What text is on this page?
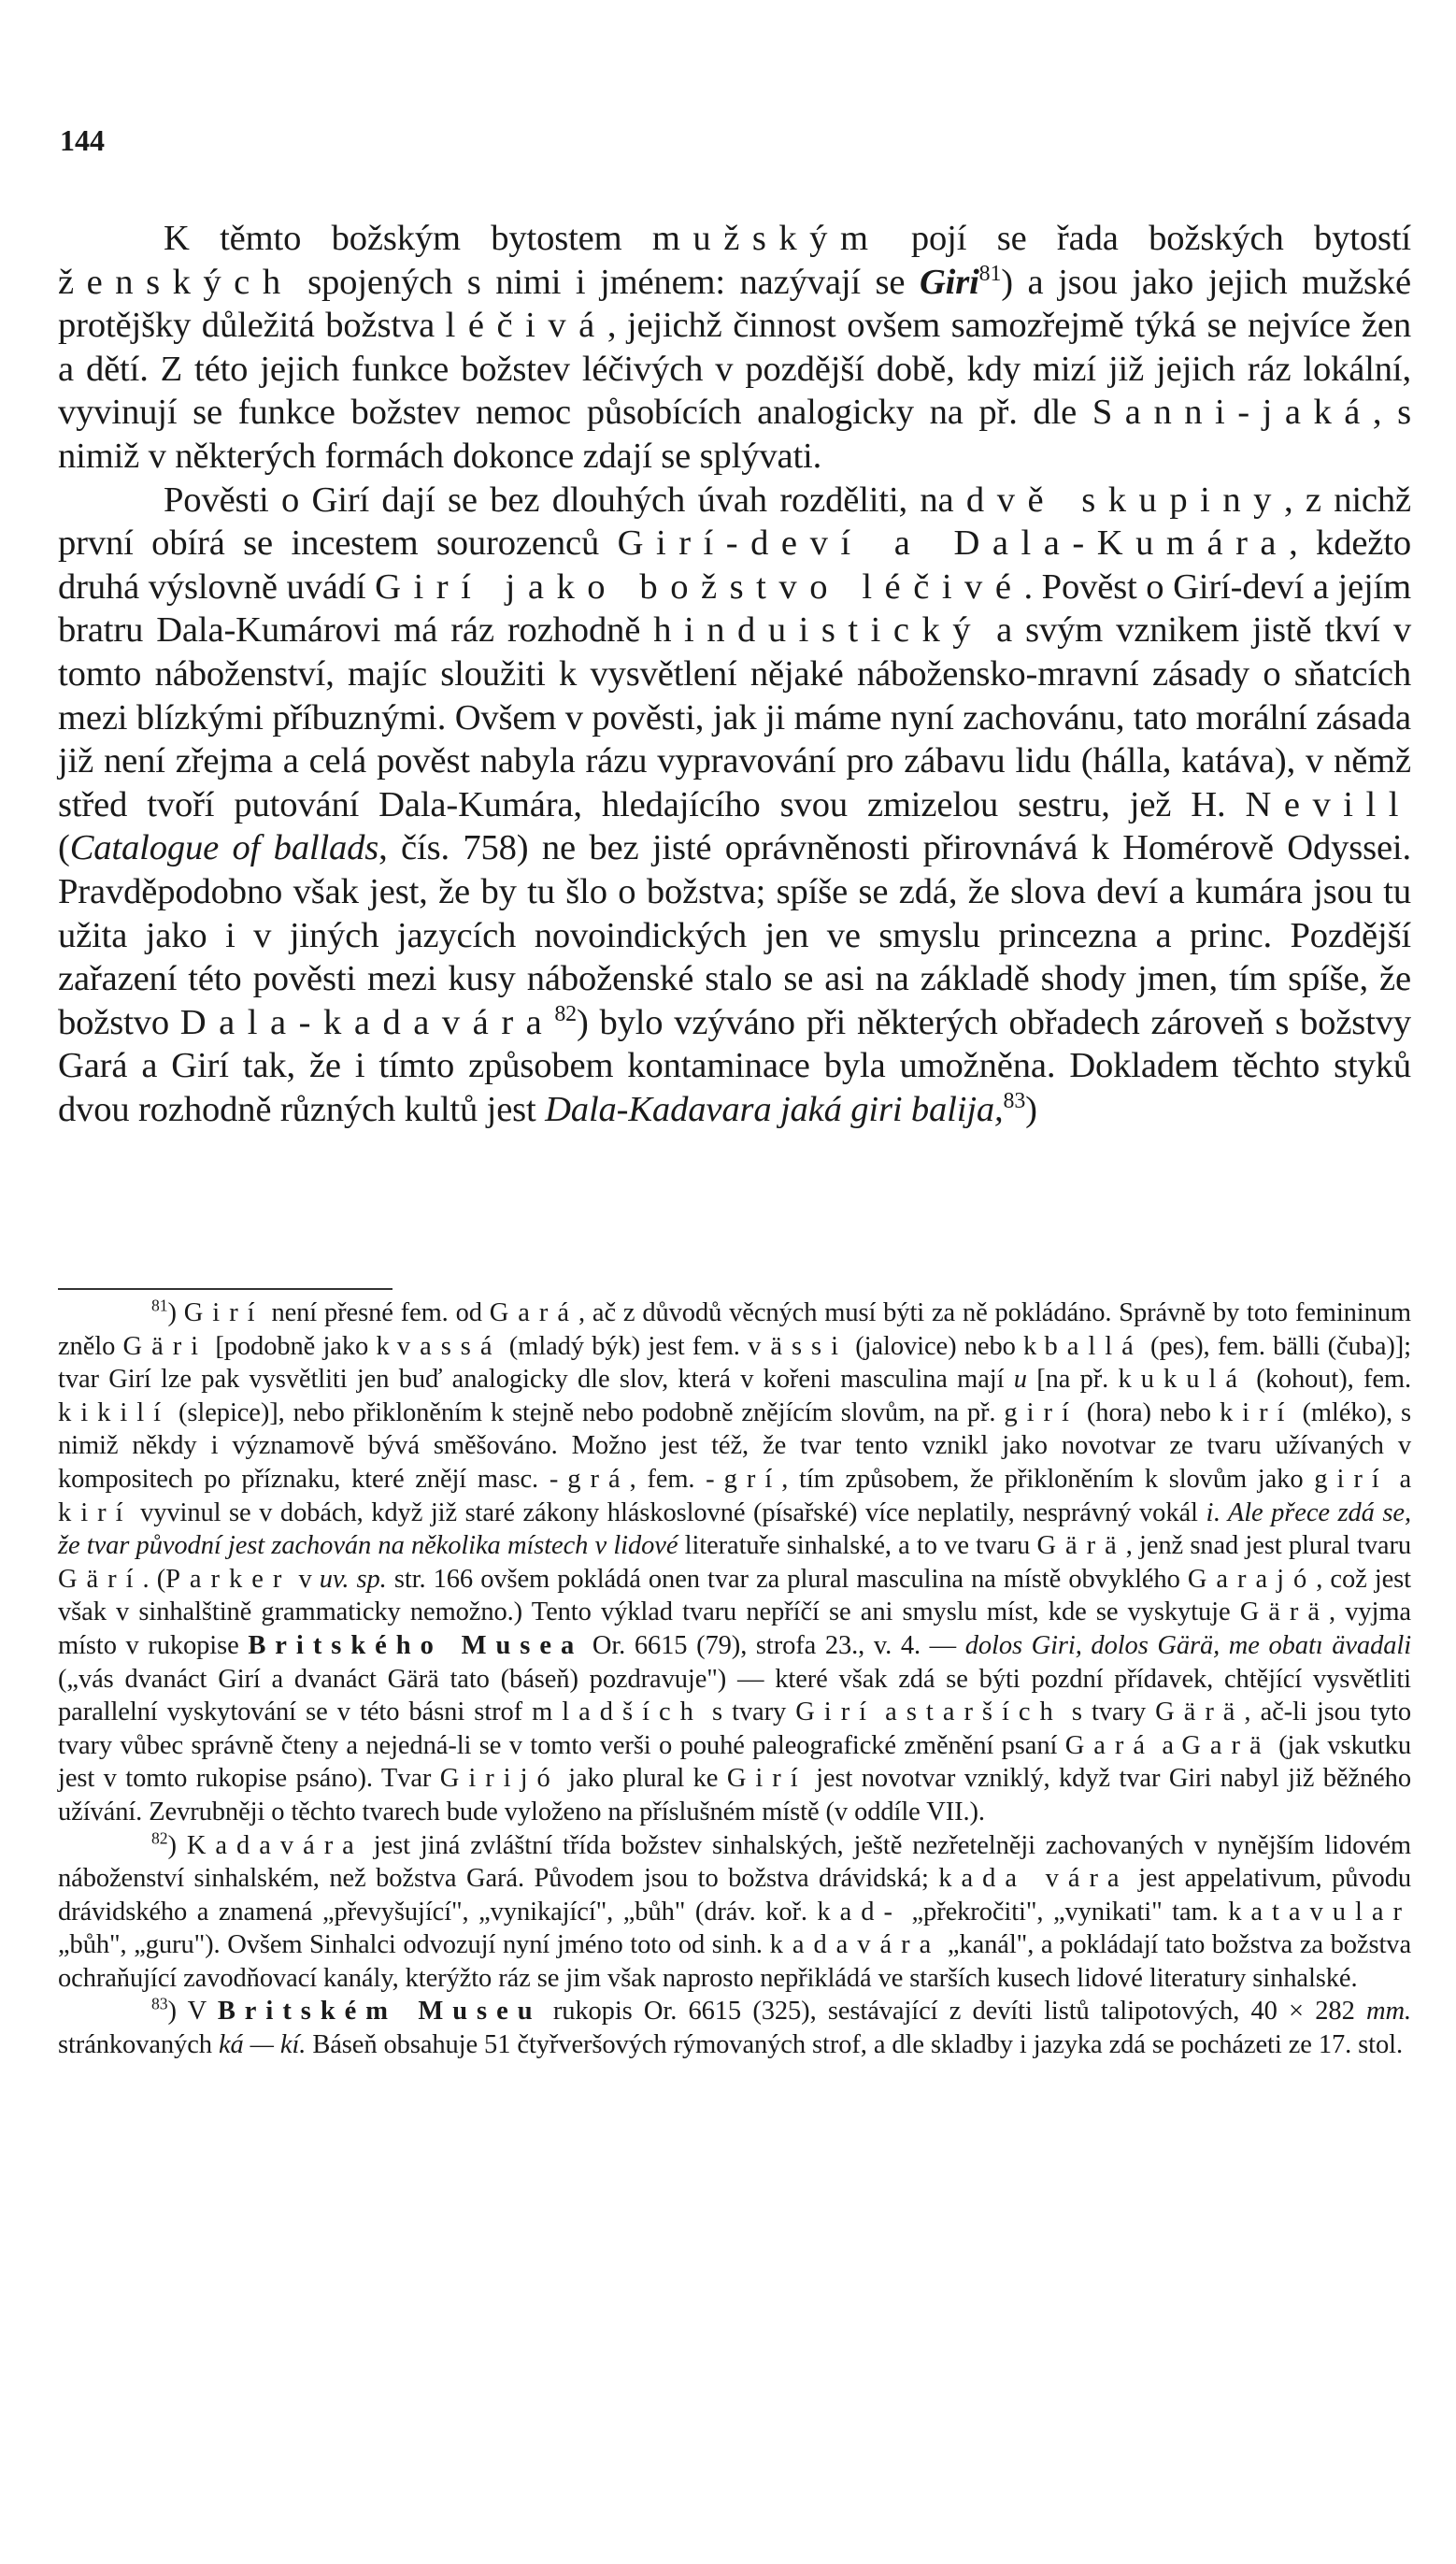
144

K těmto božským bytostem mužským pojí se řada božských bytostí ženských spojených s nimi i jménem: nazývají se Giri$^{81}$) a jsou jako jejich mužské protějšky důležitá božstva léčivá, jejichž činnost ovšem samozřejmě týká se nejvíce žen a dětí. Z této jejich funkce božstev léčivých v pozdější době, kdy mizí již jejich ráz lokální, vyvinují se funkce božstev nemoc působících analogicky na př. dle Sanni-jaká, s nimiž v některých formách dokonce zdají se splývati.

Pověsti o Girí dají se bez dlouhých úvah rozděliti, na dvě skupiny, z nichž první obírá se incestem sourozenců Girí-deví a Dala-Kumára, kdežto druhá výslovně uvádí Girí jako božstvo léčivé. Pověst o Girí-deví a jejím bratru Dala-Kumárovi má ráz rozhodně hinduistický a svým vznikem jistě tkví v tomto náboženství, majíc sloužiti k vysvětlení nějaké nábožensko-mravní zásady o sňatcích mezi blízkými příbuznými. Ovšem v pověsti, jak ji máme nyní zachovánu, tato morální zásada již není zřejma a celá pověst nabyla rázu vypravování pro zábavu lidu (hálla, katáva), v němž střed tvoří putování Dala-Kumára, hledajícího svou zmizelou sestru, jež H. Nevill (Catalogue of ballads, čís. 758) ne bez jisté oprávněnosti přirovnává k Homérově Odyssei. Pravděpodobno však jest, že by tu šlo o božstva; spíše se zdá, že slova deví a kumára jsou tu užita jako i v jiných jazycích novoindických jen ve smyslu princezna a princ. Pozdější zařazení této pověsti mezi kusy náboženské stalo se asi na základě shody jmen, tím spíše, že božstvo Dala-kadavára$^{82}$) bylo vzýváno při některých obřadech zároveň s božstvy Gará a Girí tak, že i tímto způsobem kontaminace byla umožněna. Dokladem těchto styků dvou rozhodně různých kultů jest Dala-Kadavara jaká giri balija,$^{83}$)

$^{81}$) Girí není přesné fem. od Gará, ač z důvodů věcných musí býti za ně pokládáno. Správně by toto femininum znělo Gäri [podobně jako k vassá (mladý býk) jest fem. vässi (jalovice) nebo k ballá (pes), fem. bälli (čuba)]; tvar Girí lze pak vysvětliti jen buď analogicky dle slov, která v kořeni masculina mají u [na př. kukulá (kohout), fem. kikilí (slepice)], nebo přikloněním k stejně nebo podobně znějícím slovům, na př. girí (hora) nebo kirí (mléko), s nimiž někdy i významově bývá směšováno. Možno jest též, že tvar tento vznikl jako novotvar ze tvaru užívaných v kompositech po příznaku, které znějí masc. -grá, fem. -grí, tím způsobem, že přikloněním k slovům jako girí a kirí vyvinul se v dobách, když již staré zákony hláskoslovné (písařské) více neplatily, nesprávný vokál i. Ale přece zdá se, že tvar původní jest zachován na několika místech v lidové literatuře sinhalské, a to ve tvaru Gärä, jenž snad jest plural tvaru Gärí. (Parker v uv. sp. str. 166 ovšem pokládá onen tvar za plural masculina na místě obvyklého Garajó, což jest však v sinhalštině grammaticky nemožno.) Tento výklad tvaru nepříčí se ani smyslu míst, kde se vyskytuje Gärä, vyjma místo v rukopise Britského Musea Or. 6615 (79), strofa 23., v. 4. — dolos Giri, dolos Gärä, me obatı ävadali („vás dvanáct Girí a dvanáct Gärä tato (báseň) pozdravuje") — které však zdá se býti pozdní přídavek, chtějící vysvětliti parallelní vyskytování se v této básni strof mladších s tvary Girí a starších s tvary Gärä, ač-li jsou tyto tvary vůbec správně čteny a nejedná-li se v tomto verši o pouhé paleografické změnění psaní Gará a Garä (jak vskutku jest v tomto rukopise psáno). Tvar Girijó jako plural ke Girí jest novotvar vzniklý, když tvar Giri nabyl již běžného užívání. Zevrubněji o těchto tvarech bude vyloženo na příslušném místě (v oddíle VII.).

$^{82}$) Kadavára jest jiná zvláštní třída božstev sinhalských, ještě nezřetelněji zachovaných v nynějším lidovém náboženství sinhalském, než božstva Gará. Původem jsou to božstva drávidská; kada vára jest appelativum, původu drávidského a znamená „převyšující", „vynikající", „bůh" (dráv. koř. kad- „překročiti", „vynikati" tam. katavular „bůh", „guru"). Ovšem Sinhalci odvozují nyní jméno toto od sinh. kadavára „kanál", a pokládají tato božstva za božstva ochraňující zavodňovací kanály, kterýžto ráz se jim však naprosto nepřikládá ve starších kusech lidové literatury sinhalské.

$^{83}$) V Britském Museu rukopis Or. 6615 (325), sestávající z devíti listů talipotových, 40 × 282 mm. stránkovaných ká — kí. Báseň obsahuje 51 čtyřveršových rýmovaných strof, a dle skladby i jazyka zdá se pocházeti ze 17. stol.
